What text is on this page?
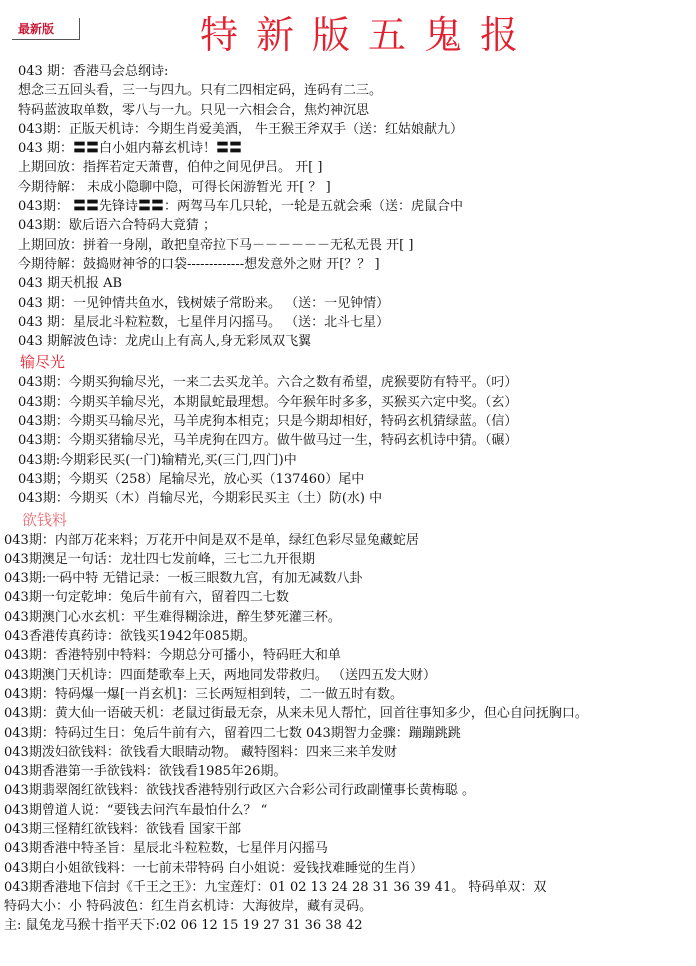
最新版	特新版五鬼报
043 期：香港马会总纲诗:
想念三五回头看，三一与四九。只有二四相定码，连码有二三。
特码蓝波取单数，零八与一九。只见一六相会合，焦灼神沉思
043期：正版天机诗：今期生肖爱美酒， 牛王猴王斧双手（送：红姑娘献九）
043 期：〓〓白小姐内幕玄机诗！〓〓
上期回放：指挥若定天萧曹，伯仲之间见伊吕。 开[ ]
今期待解： 未成小隐聊中隐，可得长闲游暂光 开[ ？ ]
043期： 〓〓先锋诗〓〓：两驾马车几只轮，一轮是五就会乘（送：虎鼠合中
043期：歇后语六合特码大竟猜 ；
上期回放：拼着一身剐，敢把皇帝拉下马－－－－－－无私无畏 开[ ]
今期待解：鼓捣财神爷的口袋-------------想发意外之财 开[？？ ]
043 期天机报 AB
043 期：一见钟情共鱼水，钱树婊子常盼来。 （送：一见钟情）
043 期：星辰北斗粒粒数，七星伴月闪摇马。 （送：北斗七星）
043 期解波色诗：龙虎山上有高人,身无彩凤双飞翼
输尽光
043期：今期买狗输尽光，一来二去买龙羊。六合之数有希望，虎猴要防有特平。（叼）
043期：今期买羊输尽光，本期鼠蛇最理想。今年猴年时多多，买猴买六定中奖。（玄）
043期：今期买马输尽光，马羊虎狗本相克；只是今期却相好，特码玄机猜绿蓝。（信）
043期：今期买猪输尽光，马羊虎狗在四方。做牛做马过一生，特码玄机诗中猜。（碾）
043期:今期彩民买(一门)输精光,买(三门,四门)中
043期；今期买（258）尾输尽光，放心买（137460）尾中
043期：今期买（木）肖输尽光，今期彩民买主（土）防(水) 中
欲钱料
043期：内部万花来料；万花开中间是双不是单，绿红色彩尽显兔藏蛇居
043期澳足一句话：龙壮四七发前峰，三七二九开很期
043期:一码中特 无错记录：一板三眼数九宫，有加无减数八卦
043期一句定乾坤：兔后牛前有六，留着四二七数
043期澳门心水玄机：平生难得糊涂进，醉生梦死灌三杯。
043香港传真药诗：欲钱买1942年085期。
043期：香港特别中特料：今期总分可播小，特码旺大和单
043期澳门天机诗：四面楚歌奉上天，两地同发带救归。 （送四五发大财）
043期：特码爆一爆[一肖玄机]：三长两短相到转，二一做五时有数。
043期：黄大仙一语破天机：老鼠过街最无奈，从来未见人帮忙，回首往事知多少，但心自问抚胸口。
043期：特码过生日：兔后牛前有六，留着四二七数 043期智力金骤：蹦蹦跳跳
043期泼妇欲钱料：欲钱看大眼睛动物。 藏特图料：四来三来羊发财
043期香港第一手欲钱料：欲钱看1985年26期。
043期翡翠阁红欲钱料：欲钱找香港特别行政区六合彩公司行政副懂事长黄梅聪 。
043期曾道人说：“要钱去问汽车最怕什么？ “
043期三怪精红欲钱料：欲钱看 国家干部
043期香港中特圣旨：星辰北斗粒粒数，七星伴月闪摇马
043期白小姐欲钱料：一七前未带特码 白小姐说：爱钱找难睡觉的生肖）
043期香港地下信封《千王之王》：九宝莲灯：01 02 13 24 28 31 36 39 41。 特码单双：双
特码大小：小 特码波色：红生肖玄机诗：大海彼岸，藏有灵码。
主: 鼠兔龙马猴十指平天下:02 06 12 15 19 27 31 36 38 42
